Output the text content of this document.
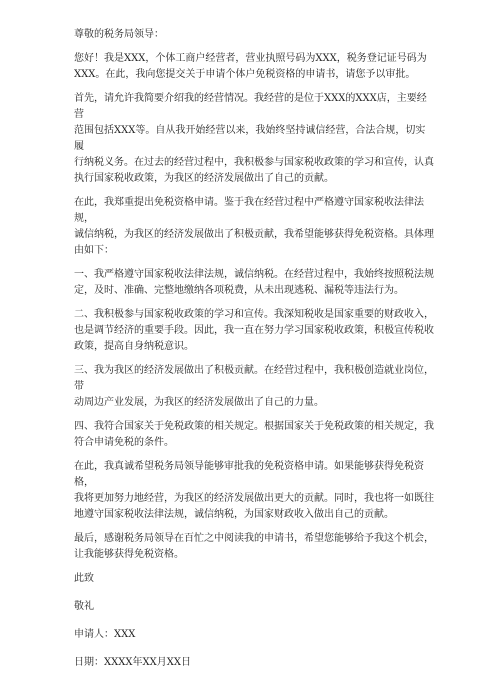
尊敬的税务局领导：

您好！我是XXX，个体工商户经营者，营业执照号码为XXX，税务登记证号码为
XXX。在此，我向您提交关于申请个体户免税资格的申请书，请您予以审批。

首先，请允许我简要介绍我的经营情况。我经营的是位于XXX的XXX店，主要经营
范围包括XXX等。自从我开始经营以来，我始终坚持诚信经营，合法合规，切实履
行纳税义务。在过去的经营过程中，我积极参与国家税收政策的学习和宣传，认真
执行国家税收政策，为我区的经济发展做出了自己的贡献。

在此，我郑重提出免税资格申请。鉴于我在经营过程中严格遵守国家税收法律法规，
诚信纳税，为我区的经济发展做出了积极贡献，我希望能够获得免税资格。具体理
由如下：

一、我严格遵守国家税收法律法规，诚信纳税。在经营过程中，我始终按照税法规
定，及时、准确、完整地缴纳各项税费，从未出现逃税、漏税等违法行为。

二、我积极参与国家税收政策的学习和宣传。我深知税收是国家重要的财政收入，
也是调节经济的重要手段。因此，我一直在努力学习国家税收政策，积极宣传税收
政策，提高自身纳税意识。

三、我为我区的经济发展做出了积极贡献。在经营过程中，我积极创造就业岗位，带
动周边产业发展，为我区的经济发展做出了自己的力量。

四、我符合国家关于免税政策的相关规定。根据国家关于免税政策的相关规定，我
符合申请免税的条件。

在此，我真诚希望税务局领导能够审批我的免税资格申请。如果能够获得免税资格，
我将更加努力地经营，为我区的经济发展做出更大的贡献。同时，我也将一如既往
地遵守国家税收法律法规，诚信纳税，为国家财政收入做出自己的贡献。

最后，感谢税务局领导在百忙之中阅读我的申请书，希望您能够给予我这个机会，
让我能够获得免税资格。

此致

敬礼

申请人：XXX

日期：XXXX年XX月XX日
